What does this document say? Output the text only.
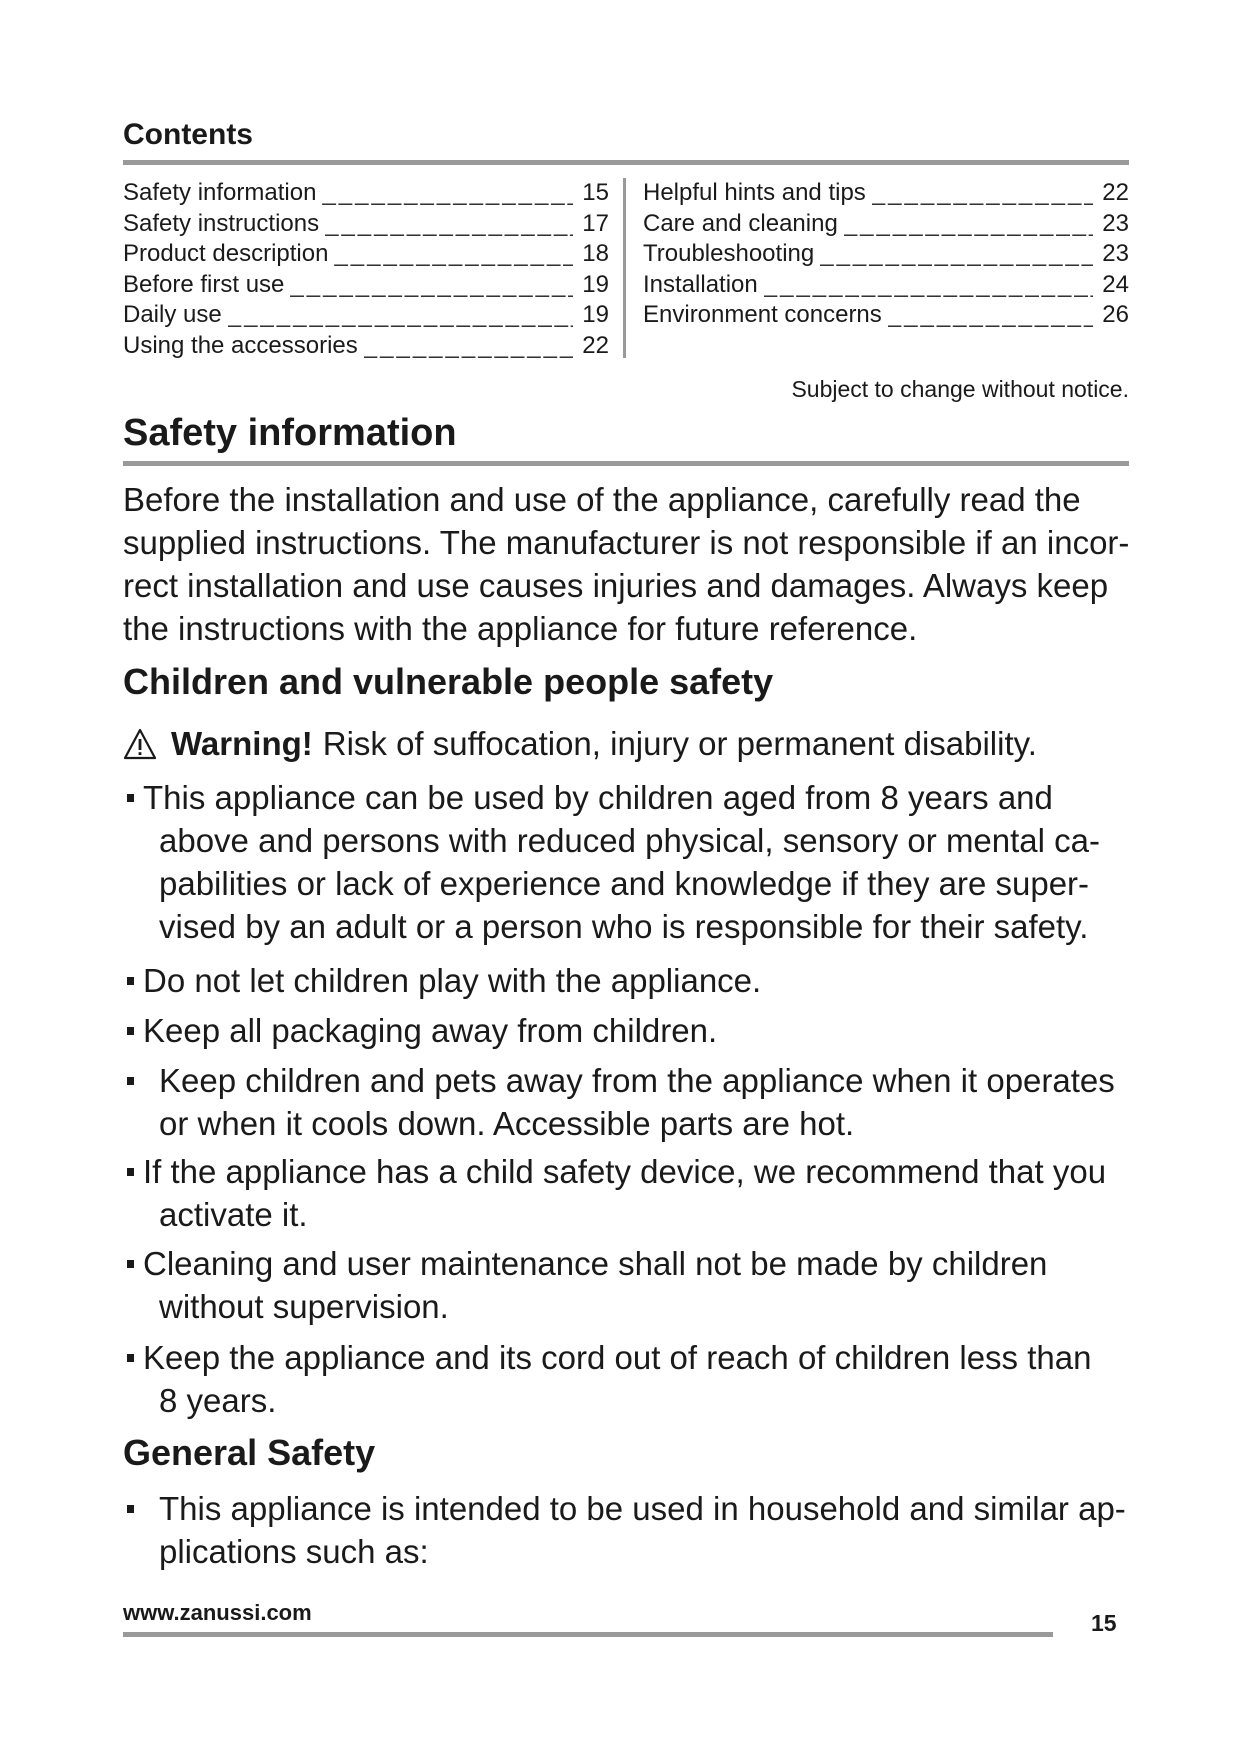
Contents
Safety information _____	15
Safety instructions _____	17
Product description _____	18
Before first use _____	19
Daily use _____	19
Using the accessories _____	22
Helpful hints and tips _____	22
Care and cleaning _____	23
Troubleshooting _____	23
Installation _____	24
Environment concerns _____	26
Subject to change without notice.
Safety information
Before the installation and use of the appliance, carefully read the
supplied instructions. The manufacturer is not responsible if an incor-
rect installation and use causes injuries and damages. Always keep
the instructions with the appliance for future reference.
Children and vulnerable people safety
Warning! Risk of suffocation, injury or permanent disability.
This appliance can be used by children aged from 8 years and
above and persons with reduced physical, sensory or mental ca-
pabilities or lack of experience and knowledge if they are super-
vised by an adult or a person who is responsible for their safety.
Do not let children play with the appliance.
Keep all packaging away from children.
Keep children and pets away from the appliance when it operates
or when it cools down. Accessible parts are hot.
If the appliance has a child safety device, we recommend that you
activate it.
Cleaning and user maintenance shall not be made by children
without supervision.
Keep the appliance and its cord out of reach of children less than
8 years.
General Safety
This appliance is intended to be used in household and similar ap-
plications such as:
www.zanussi.com	15
